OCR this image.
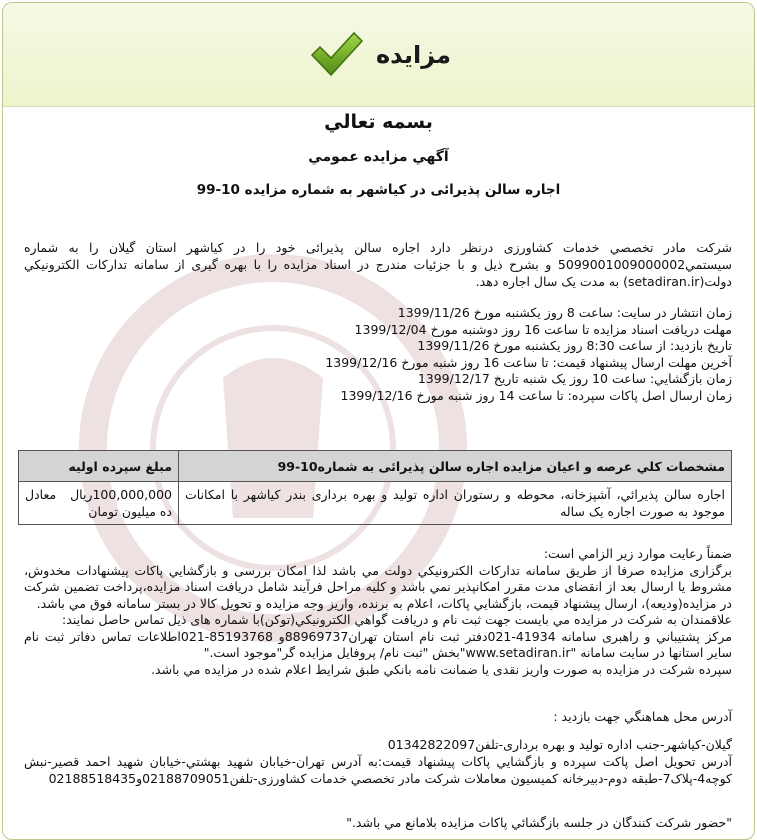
مزایده
بسمه تعالي
آگهي مزايده عمومي
اجاره سالن پذيرائی در کياشهر به شماره مزايده 10-99
شركت مادر تخصصي خدمات كشاورزی درنظر دارد اجاره سالن پذيرائی خود را در كياشهر استان گيلان را به شماره سيستمي5099001009000002 و بشرح ذيل و با جزئيات مندرج در اسناد مزايده را با بهره گيری از سامانه تداركات الكترونيكي دولت(setadiran.ir) به مدت يک سال اجاره دهد.
زمان انتشار در سايت: ساعت 8 روز يكشنبه مورخ 1399/11/26
مهلت دريافت اسناد مزايده تا ساعت 16 روز دوشنبه مورخ 1399/12/04
تاريخ بازديد: از ساعت 8:30 روز يكشنبه مورخ 1399/11/26
آخرين مهلت ارسال پيشنهاد قيمت: تا ساعت 16 روز شنبه مورخ 1399/12/16
زمان بازگشايي: ساعت 10 روز يک شنبه تاريخ 1399/12/17
زمان ارسال اصل پاكات سپرده: تا ساعت 14 روز شنبه مورخ 1399/12/16
مشخصات كلي عرصه و اعيان مزايده اجاره سالن پذيرائی به شماره10-99	مبلغ سپرده اوليه
اجاره سالن پذيرائي، آشپزخانه، محوطه و رستوران اداره توليد و بهره برداری بندر كياشهر با امكانات موجود به صورت اجاره يک ساله	100,000,000ريال معادل ده ميليون تومان
ضمناً رعايت موارد زير الزامي است:
برگزاری مزايده صرفا از طريق سامانه تداركات الكترونيكي دولت مي باشد لذا امكان بررسی و بازگشايي پاكات پيشنهادات مخدوش، مشروط يا ارسال بعد از انقضای مدت مقرر امكانپذير نمي باشد و كليه مراحل فرآيند شامل دريافت اسناد مزايده،پرداخت تضمين شركت در مزايده(وديعه)، ارسال پيشنهاد قيمت، بازگشايي پاكات، اعلام به برنده، واريز وجه مزايده و تحويل كالا در بستر سامانه فوق مي باشد.
علاقمندان به شركت در مزايده مي بايست جهت ثبت نام و دريافت گواهي الكترونيكي(توكن)با شماره های ذيل تماس حاصل نمايند:
مركز پشتيباني و راهبری سامانه 41934-021دفتر ثبت نام استان تهران88969737و 85193768-021اطلاعات تماس دفاتر ثبت نام ساير استانها در سايت سامانه "www.setadiran.ir"بخش "ثبت نام/ پروفايل مزايده گر"موجود است."
سپرده شركت در مزايده به صورت واريز نقدی يا ضمانت نامه بانكي طبق شرايط اعلام شده در مزايده مي باشد.
آدرس محل هماهنگي جهت بازديد :
گيلان-كياشهر-جنب اداره توليد و بهره برداری-تلفن01342822097
آدرس تحويل اصل پاكت سپرده و بازگشايي پاكات پيشنهاد قيمت:به آدرس تهران-خيابان شهيد بهشتي-خيابان شهيد احمد قصير-نبش كوچه4-پلاک7-طبقه دوم-دبيرخانه كميسيون معاملات شركت مادر تخصصي خدمات كشاورزی-تلفن02188709051و02188518435
"حضور شركت كنندگان در جلسه بازگشائي پاكات مزايده بلامانع مي باشد."
